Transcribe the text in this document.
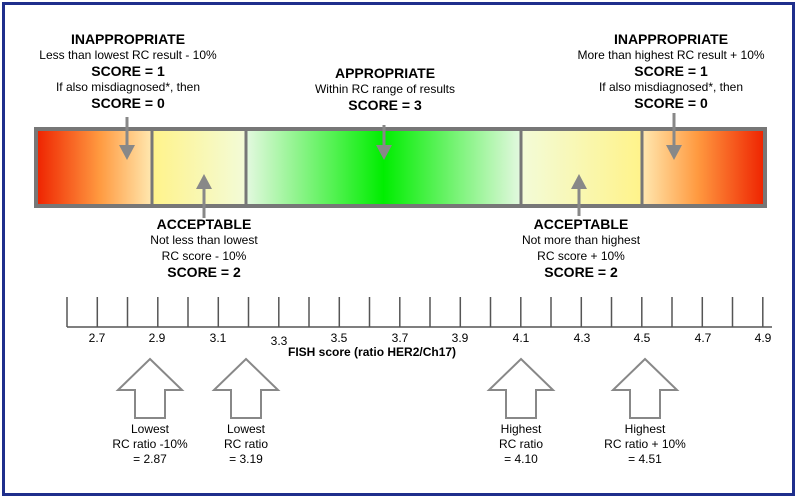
INAPPROPRIATE
Less than lowest RC result - 10%
SCORE = 1
If also misdiagnosed*, then
SCORE = 0
APPROPRIATE
Within RC range of results
SCORE = 3
INAPPROPRIATE
More than highest RC result + 10%
SCORE = 1
If also misdiagnosed*, then
SCORE = 0
ACCEPTABLE
Not less than lowest
RC score - 10%
SCORE = 2
ACCEPTABLE
Not more than highest
RC score + 10%
SCORE = 2
2.7	2.9	3.1	3.3	3.5	3.7	3.9	4.1	4.3	4.5	4.7	4.9
FISH score (ratio HER2/Ch17)
Lowest
RC ratio -10%
= 2.87
Lowest
RC ratio
= 3.19
Highest
RC ratio
= 4.10
Highest
RC ratio + 10%
= 4.51
